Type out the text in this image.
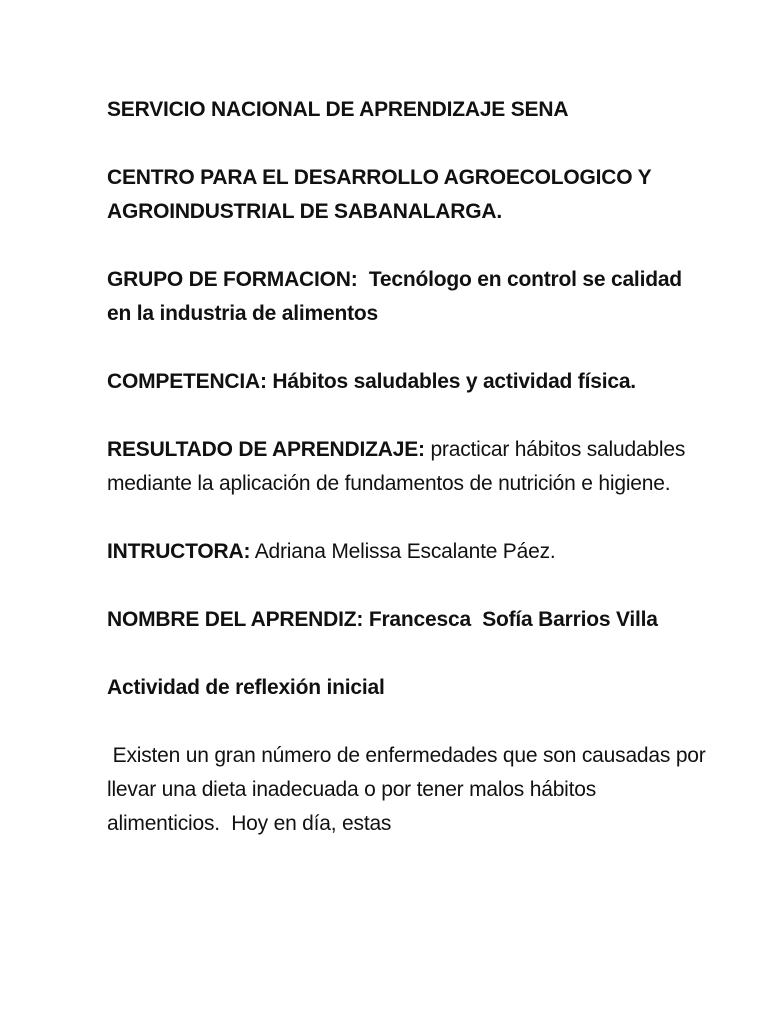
SERVICIO NACIONAL DE APRENDIZAJE SENA

CENTRO PARA EL DESARROLLO AGROECOLOGICO Y AGROINDUSTRIAL DE SABANALARGA.

GRUPO DE FORMACION: Tecnólogo en control se calidad en la industria de alimentos

COMPETENCIA: Hábitos saludables y actividad física.

RESULTADO DE APRENDIZAJE: practicar hábitos saludables mediante la aplicación de fundamentos de nutrición e higiene.

INTRUCTORA: Adriana Melissa Escalante Páez.

NOMBRE DEL APRENDIZ: Francesca  Sofía Barrios Villa

Actividad de reflexión inicial

Existen un gran número de enfermedades que son causadas por llevar una dieta inadecuada o por tener malos hábitos alimenticios.  Hoy en día, estas
